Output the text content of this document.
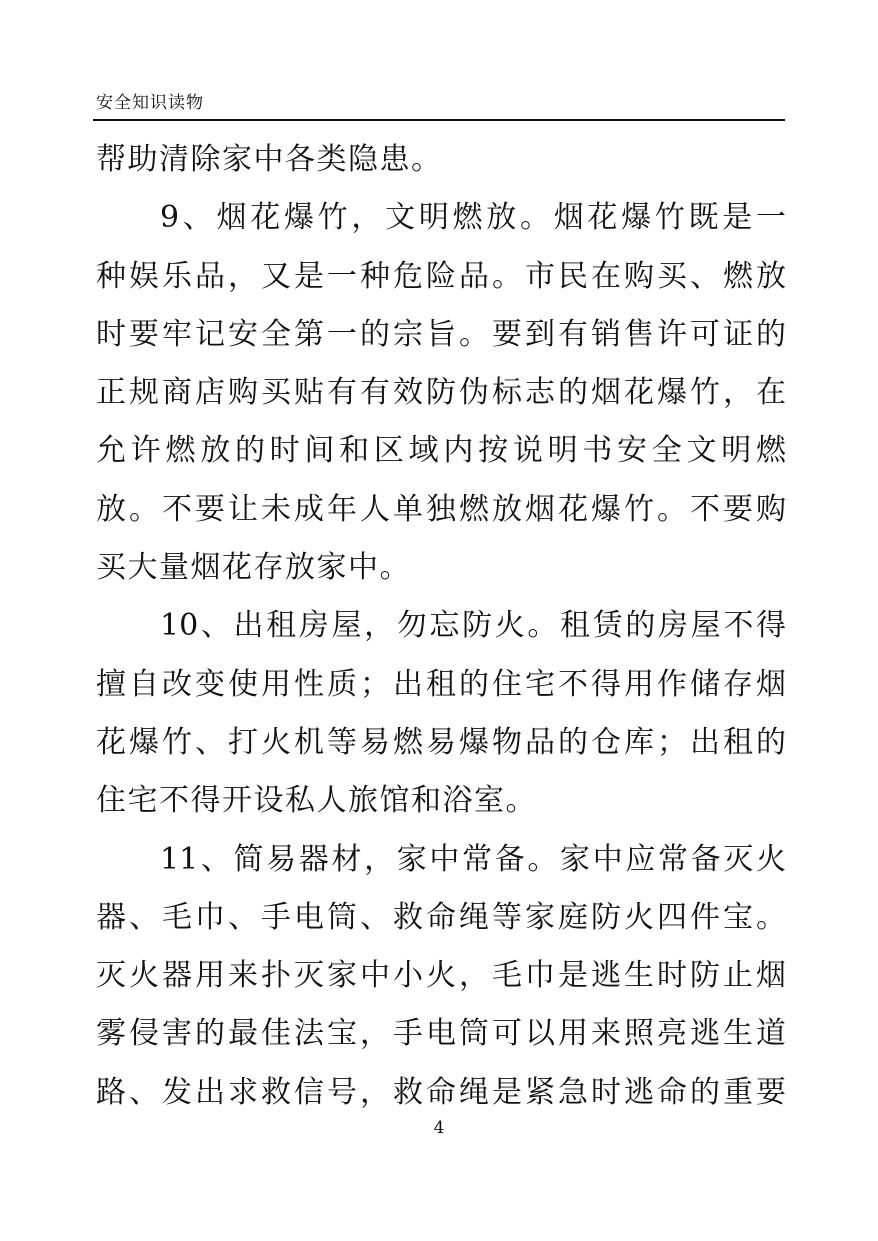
安全知识读物
帮助清除家中各类隐患。
9、烟花爆竹，文明燃放。烟花爆竹既是一
种娱乐品，又是一种危险品。市民在购买、燃放
时要牢记安全第一的宗旨。要到有销售许可证的
正规商店购买贴有有效防伪标志的烟花爆竹，在
允许燃放的时间和区域内按说明书安全文明燃
放。不要让未成年人单独燃放烟花爆竹。不要购
买大量烟花存放家中。
10、出租房屋，勿忘防火。租赁的房屋不得
擅自改变使用性质；出租的住宅不得用作储存烟
花爆竹、打火机等易燃易爆物品的仓库；出租的
住宅不得开设私人旅馆和浴室。
11、简易器材，家中常备。家中应常备灭火
器、毛巾、手电筒、救命绳等家庭防火四件宝。
灭火器用来扑灭家中小火，毛巾是逃生时防止烟
雾侵害的最佳法宝，手电筒可以用来照亮逃生道
路、发出求救信号，救命绳是紧急时逃命的重要
4
